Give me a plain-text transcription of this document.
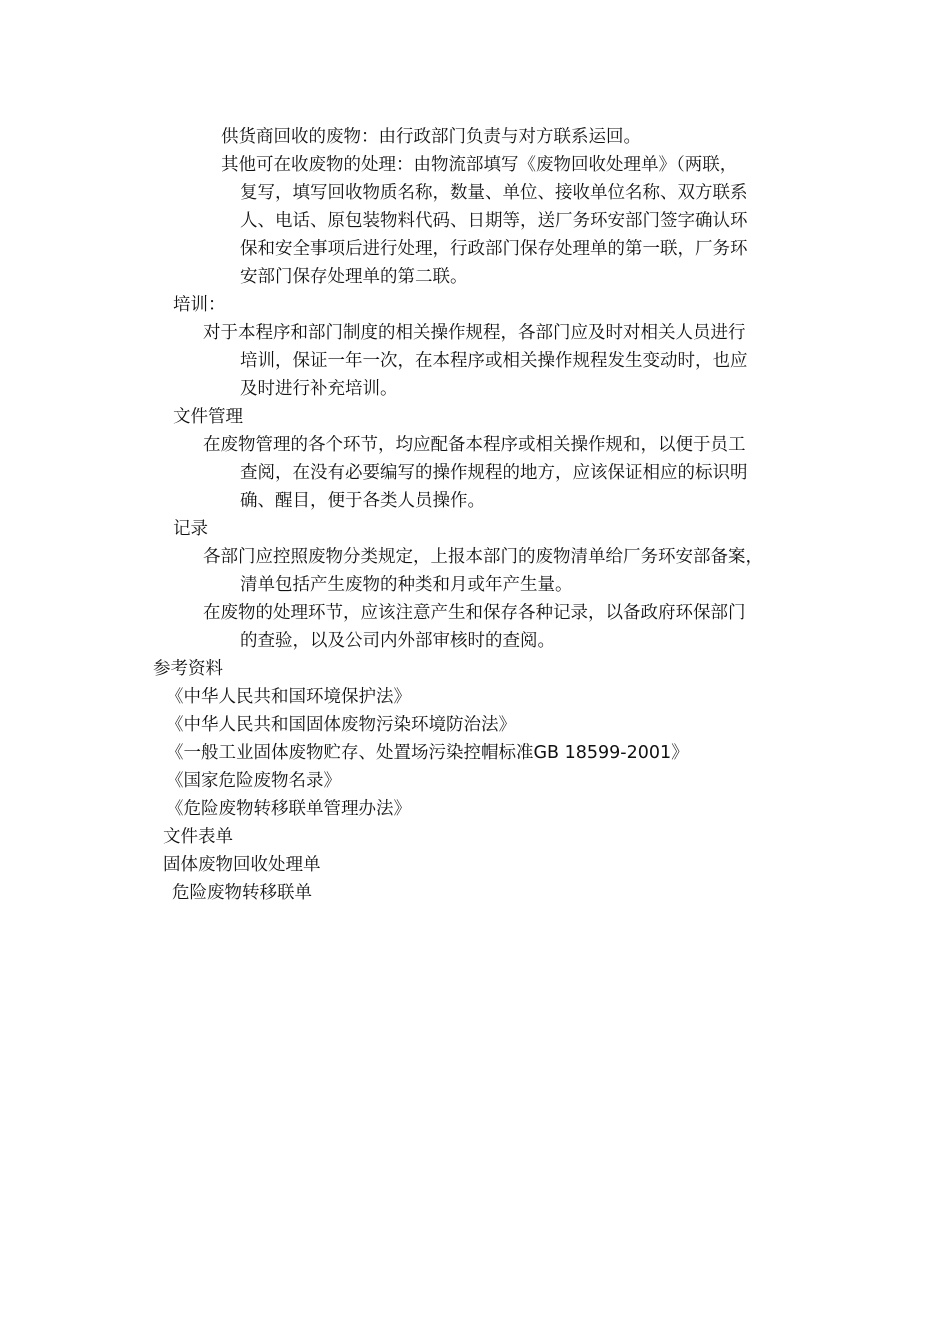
供货商回收的废物：由行政部门负责与对方联系运回。
其他可在收废物的处理：由物流部填写《废物回收处理单》（两联，
复写，填写回收物质名称，数量、单位、接收单位名称、双方联系
人、电话、原包装物料代码、日期等，送厂务环安部门签字确认环
保和安全事项后进行处理，行政部门保存处理单的第一联，厂务环
安部门保存处理单的第二联。
培训：
对于本程序和部门制度的相关操作规程，各部门应及时对相关人员进行
培训，保证一年一次，在本程序或相关操作规程发生变动时，也应
及时进行补充培训。
文件管理
在废物管理的各个环节，均应配备本程序或相关操作规和，以便于员工
查阅，在没有必要编写的操作规程的地方，应该保证相应的标识明
确、醒目，便于各类人员操作。
记录
各部门应控照废物分类规定，上报本部门的废物清单给厂务环安部备案，
清单包括产生废物的种类和月或年产生量。
在废物的处理环节，应该注意产生和保存各种记录，以备政府环保部门
的查验，以及公司内外部审核时的查阅。
参考资料
《中华人民共和国环境保护法》
《中华人民共和国固体废物污染环境防治法》
《一般工业固体废物贮存、处置场污染控帽标准GB 18599-2001》
《国家危险废物名录》
《危险废物转移联单管理办法》
文件表单
固体废物回收处理单
危险废物转移联单
